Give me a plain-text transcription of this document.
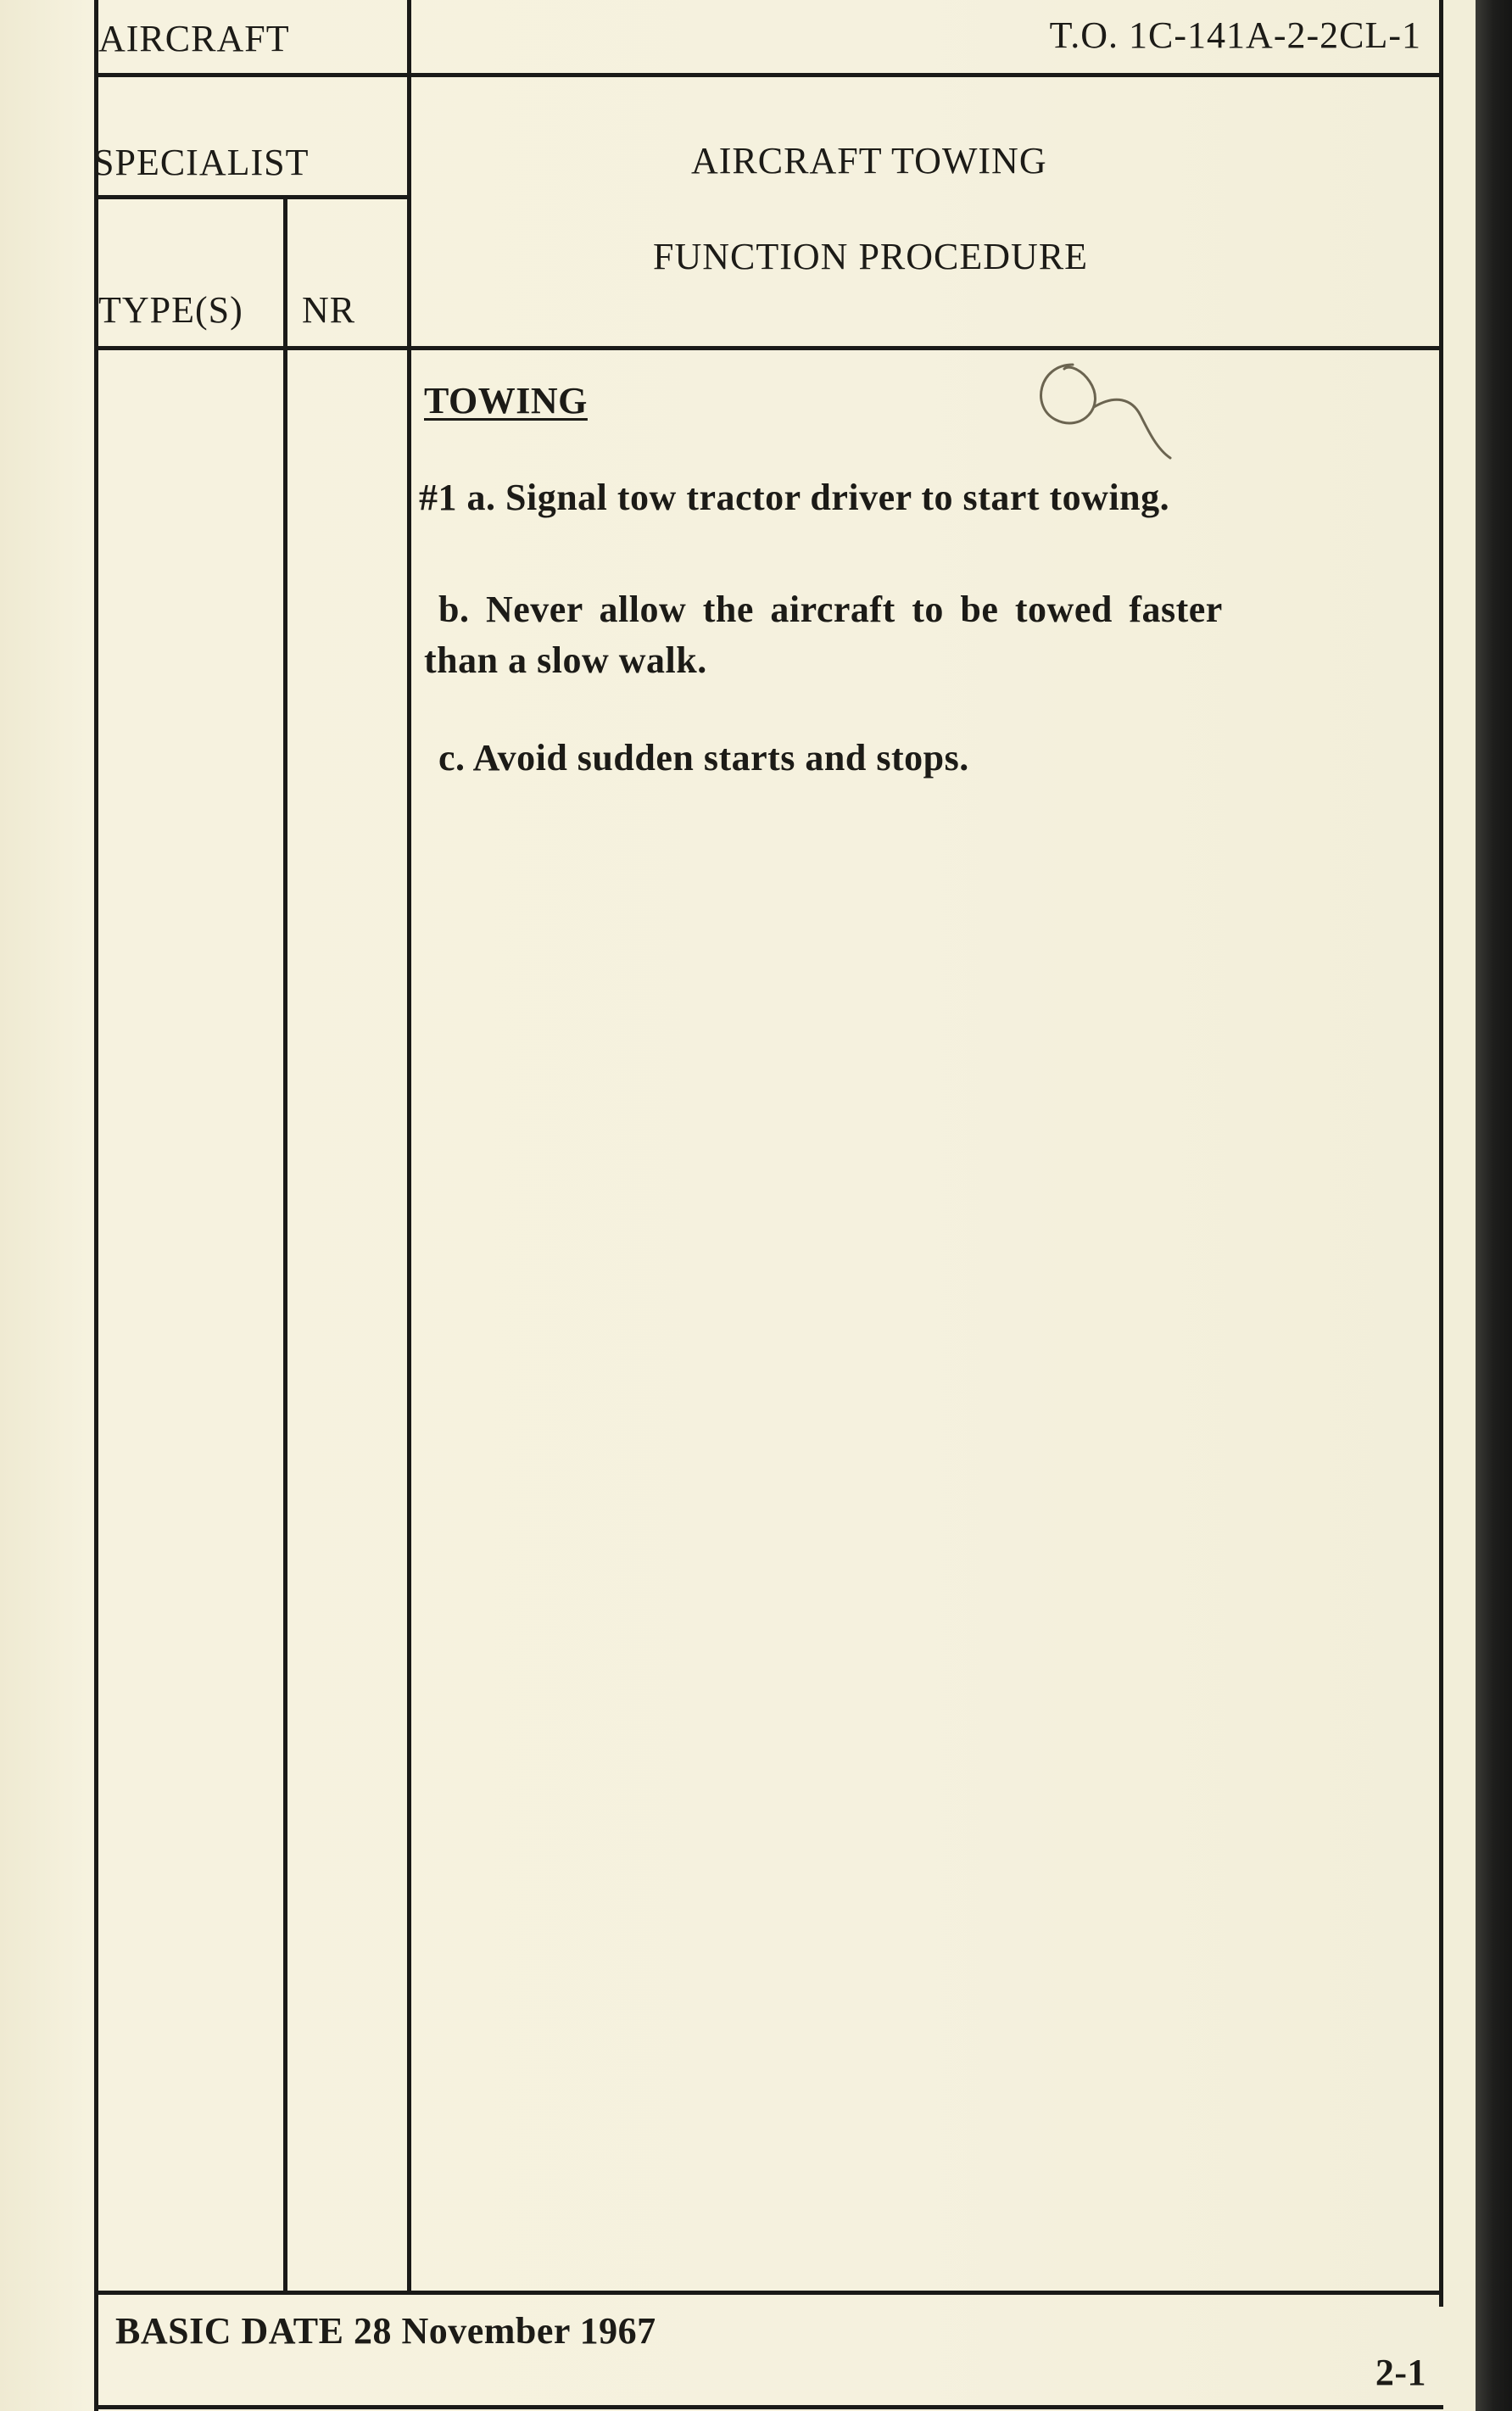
AIRCRAFT	T.O. 1C-141A-2-2CL-1
SPECIALIST
TYPE(S) NR
AIRCRAFT TOWING
FUNCTION PROCEDURE
TOWING
#1 a. Signal tow tractor driver to start towing.
b. Never allow the aircraft to be towed faster
than a slow walk.
c. Avoid sudden starts and stops.
BASIC DATE 28 November 1967
2-1
